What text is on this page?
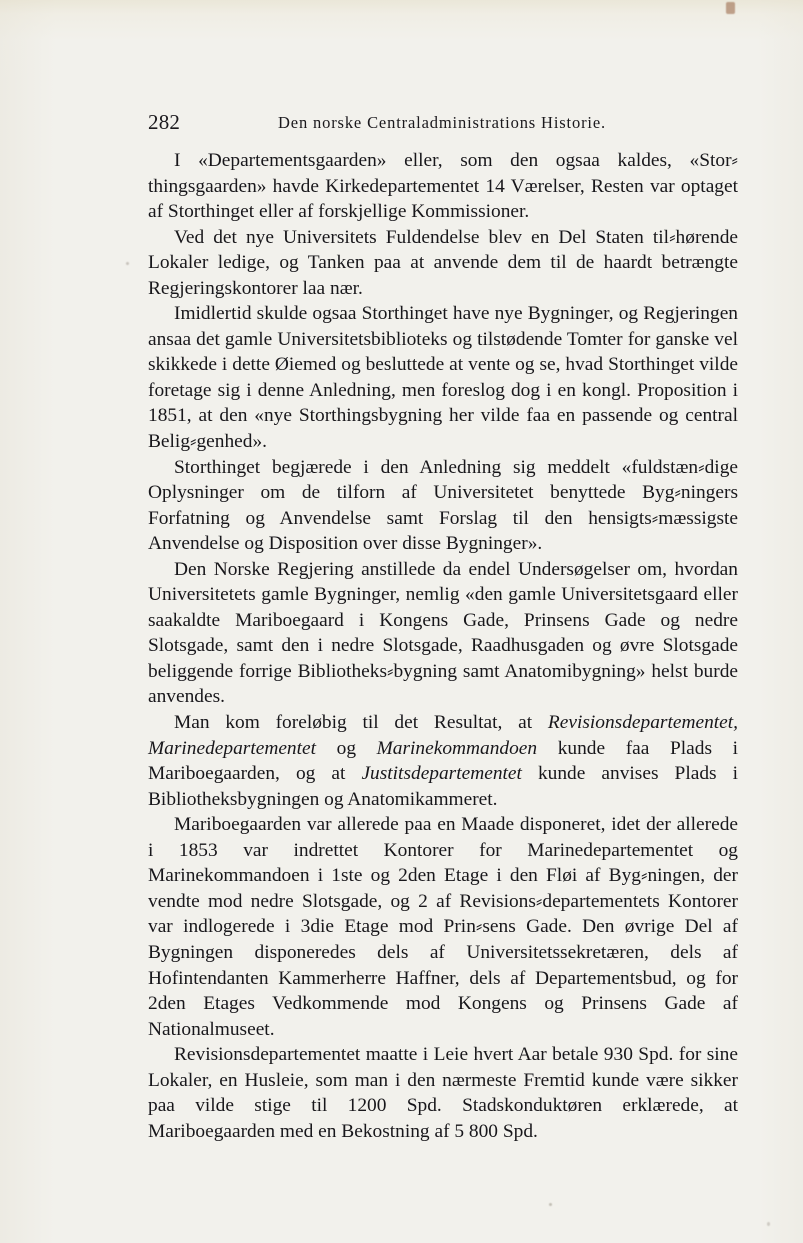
282	Den norske Centraladministrations Historie.

I «Departementsgaarden» eller, som den ogsaa kaldes, «Stor⸗thingsgaarden» havde Kirkedepartementet 14 Værelser, Resten var optaget af Storthinget eller af forskjellige Kommissioner.

Ved det nye Universitets Fuldendelse blev en Del Staten til⸗hørende Lokaler ledige, og Tanken paa at anvende dem til de haardt betrængte Regjeringskontorer laa nær.

Imidlertid skulde ogsaa Storthinget have nye Bygninger, og Regjeringen ansaa det gamle Universitetsbiblioteks og tilstødende Tomter for ganske vel skikkede i dette Øiemed og besluttede at vente og se, hvad Storthinget vilde foretage sig i denne Anledning, men foreslog dog i en kongl. Proposition i 1851, at den «nye Storthingsbygning her vilde faa en passende og central Belig⸗genhed».

Storthinget begjærede i den Anledning sig meddelt «fuldstæn⸗dige Oplysninger om de tilforn af Universitetet benyttede Byg⸗ningers Forfatning og Anvendelse samt Forslag til den hensigts⸗mæssigste Anvendelse og Disposition over disse Bygninger».

Den Norske Regjering anstillede da endel Undersøgelser om, hvordan Universitetets gamle Bygninger, nemlig «den gamle Universitetsgaard eller saakaldte Mariboegaard i Kongens Gade, Prinsens Gade og nedre Slotsgade, samt den i nedre Slotsgade, Raadhusgaden og øvre Slotsgade beliggende forrige Bibliotheks⸗bygning samt Anatomibygning» helst burde anvendes.

Man kom foreløbig til det Resultat, at Revisionsdepartementet, Marinedepartementet og Marinekommandoen kunde faa Plads i Mariboegaarden, og at Justitsdepartementet kunde anvises Plads i Bibliotheksbygningen og Anatomikammeret.

Mariboegaarden var allerede paa en Maade disponeret, idet der allerede i 1853 var indrettet Kontorer for Marinedepartementet og Marinekommandoen i 1ste og 2den Etage i den Fløi af Byg⸗ningen, der vendte mod nedre Slotsgade, og 2 af Revisions⸗departementets Kontorer var indlogerede i 3die Etage mod Prin⸗sens Gade. Den øvrige Del af Bygningen disponeredes dels af Universitetssekretæren, dels af Hofintendanten Kammerherre Haffner, dels af Departementsbud, og for 2den Etages Vedkommende mod Kongens og Prinsens Gade af Nationalmuseet.

Revisionsdepartementet maatte i Leie hvert Aar betale 930 Spd. for sine Lokaler, en Husleie, som man i den nærmeste Fremtid kunde være sikker paa vilde stige til 1200 Spd. Stadskonduktøren erklærede, at Mariboegaarden med en Bekostning af 5 800 Spd.
